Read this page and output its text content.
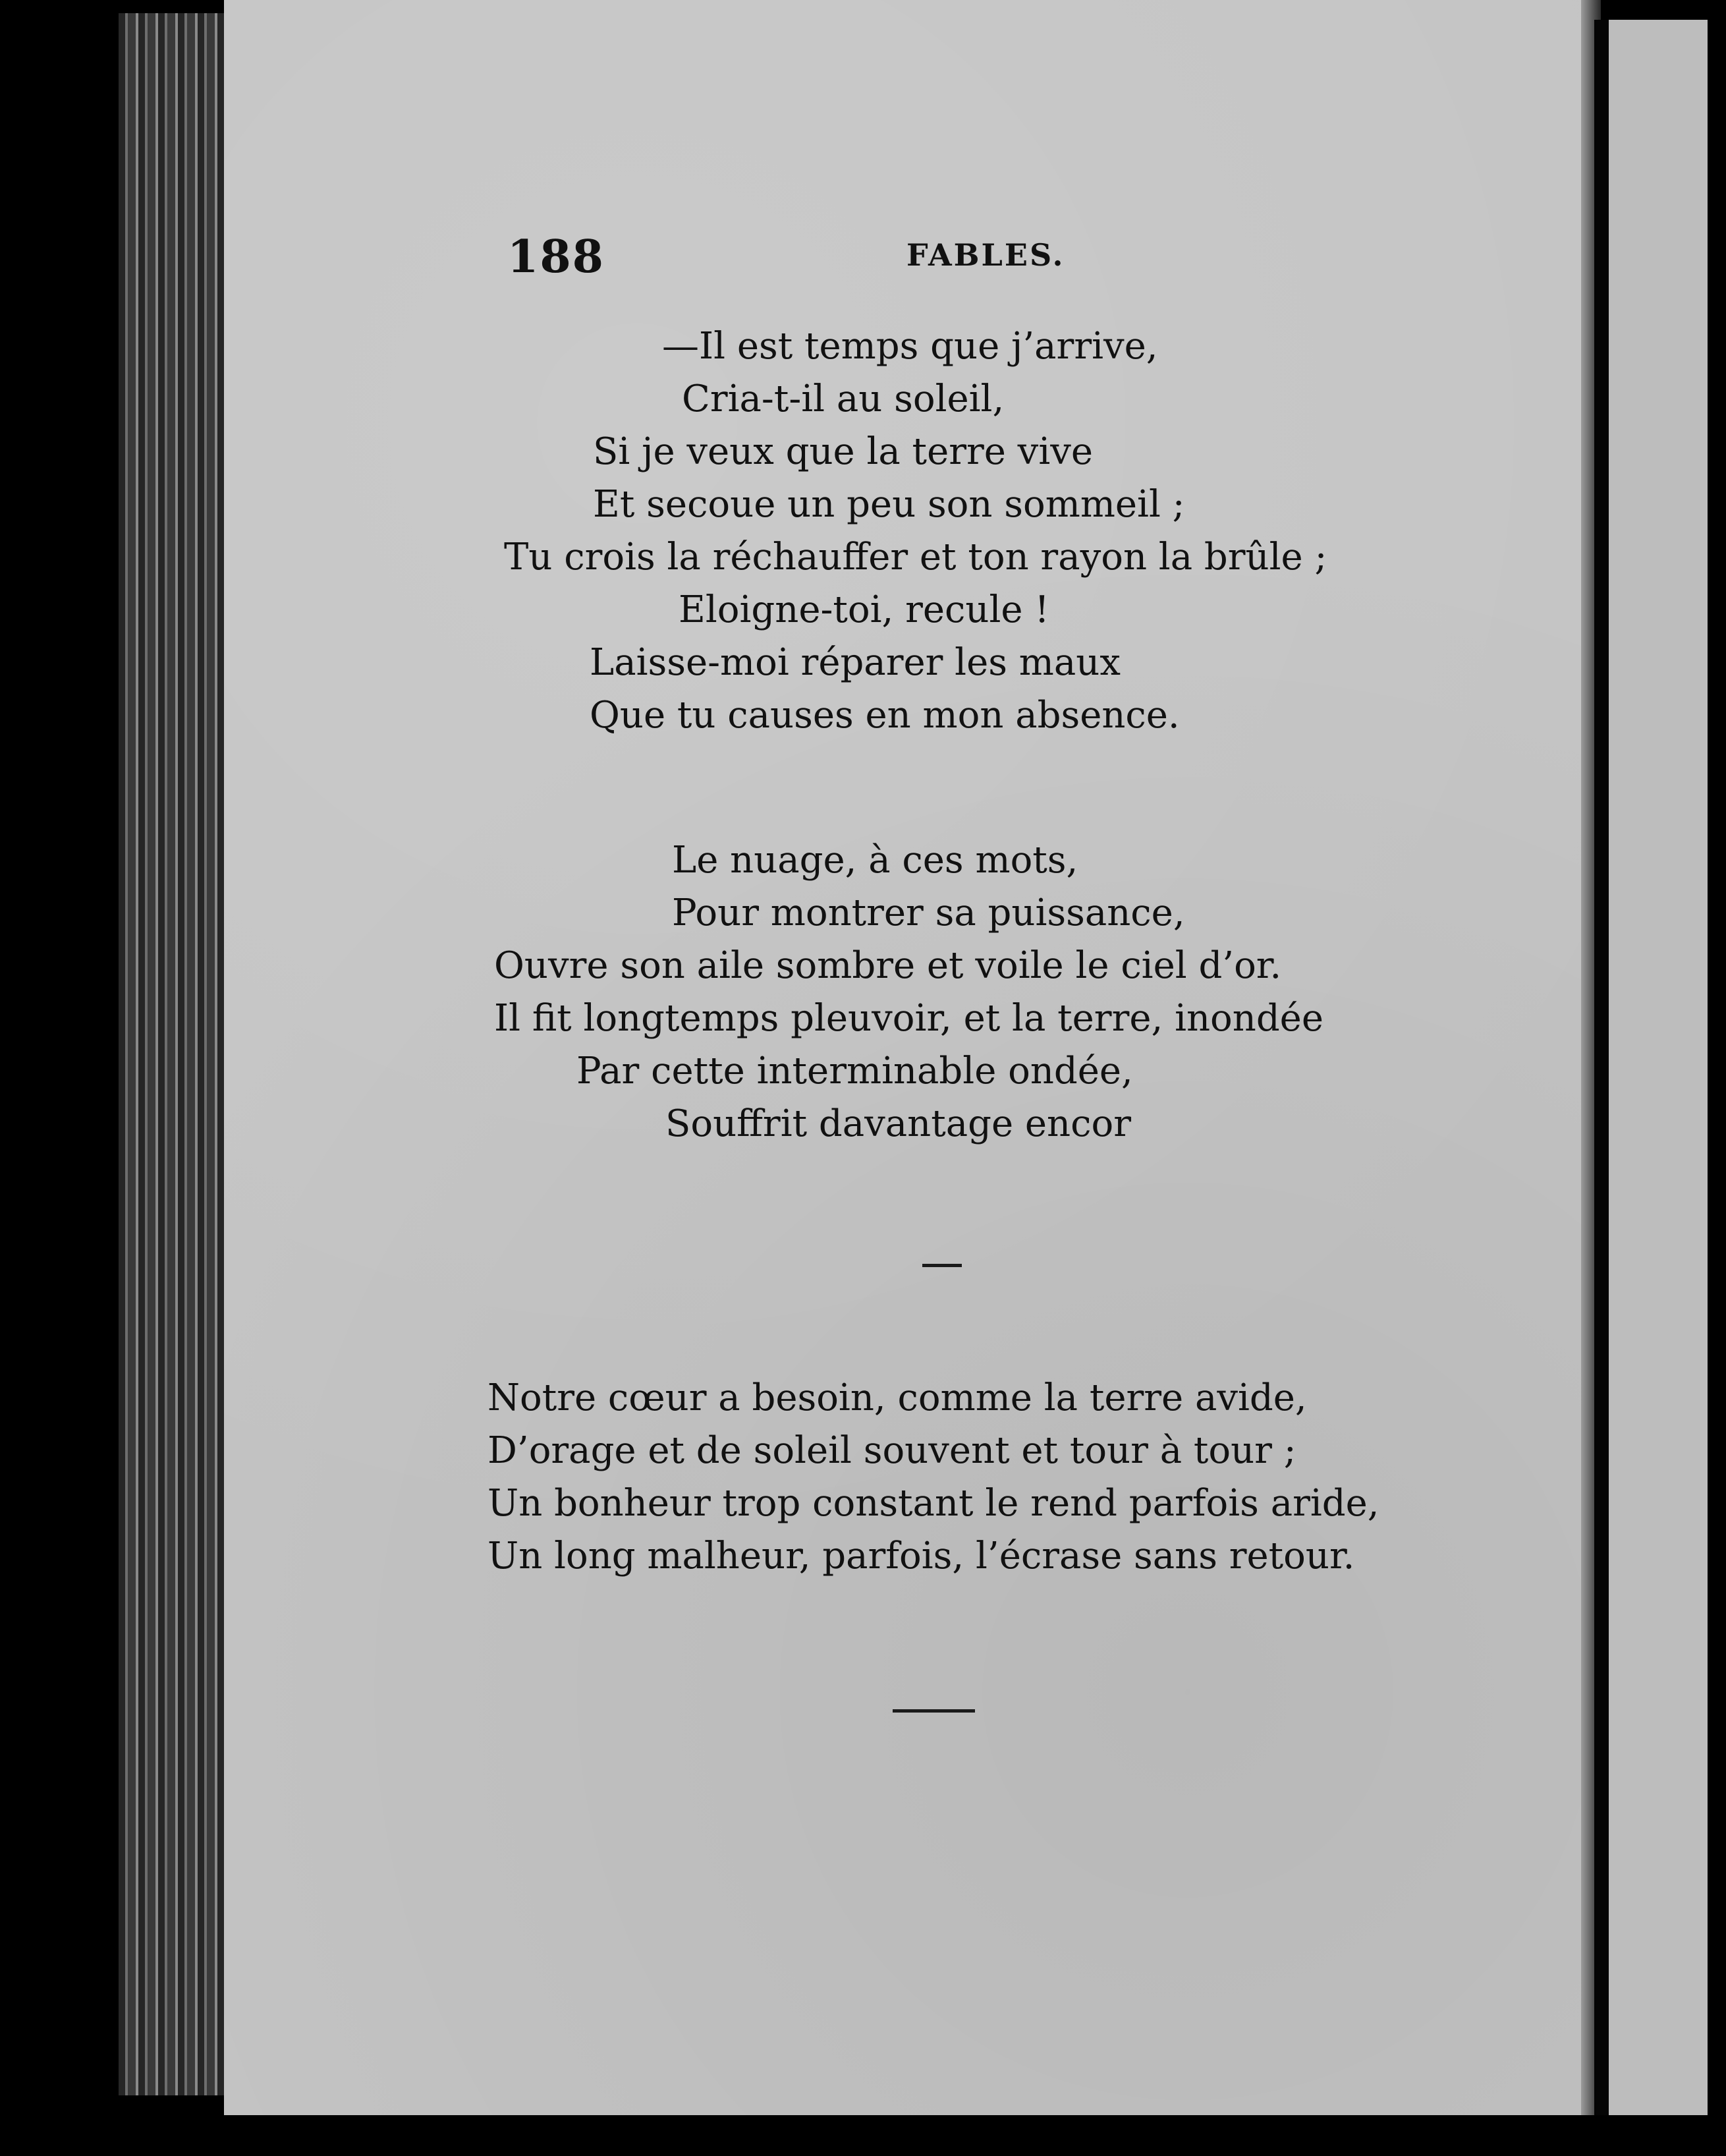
188	FABLES.

—Il est temps que j’arrive,

Cria-t-il au soleil,

Si je veux que la terre vive

Et secoue un peu son sommeil ;

Tu crois la réchauffer et ton rayon la brûle ;

Eloigne-toi, recule !

Laisse-moi réparer les maux

Que tu causes en mon absence.

Le nuage, à ces mots,

Pour montrer sa puissance,

Ouvre son aile sombre et voile le ciel d’or.

Il fit longtemps pleuvoir, et la terre, inondée

Par cette interminable ondée,

Souffrit davantage encor

Notre cœur a besoin, comme la terre avide,

D’orage et de soleil souvent et tour à tour ;

Un bonheur trop constant le rend parfois aride,

Un long malheur, parfois, l’écrase sans retour.
